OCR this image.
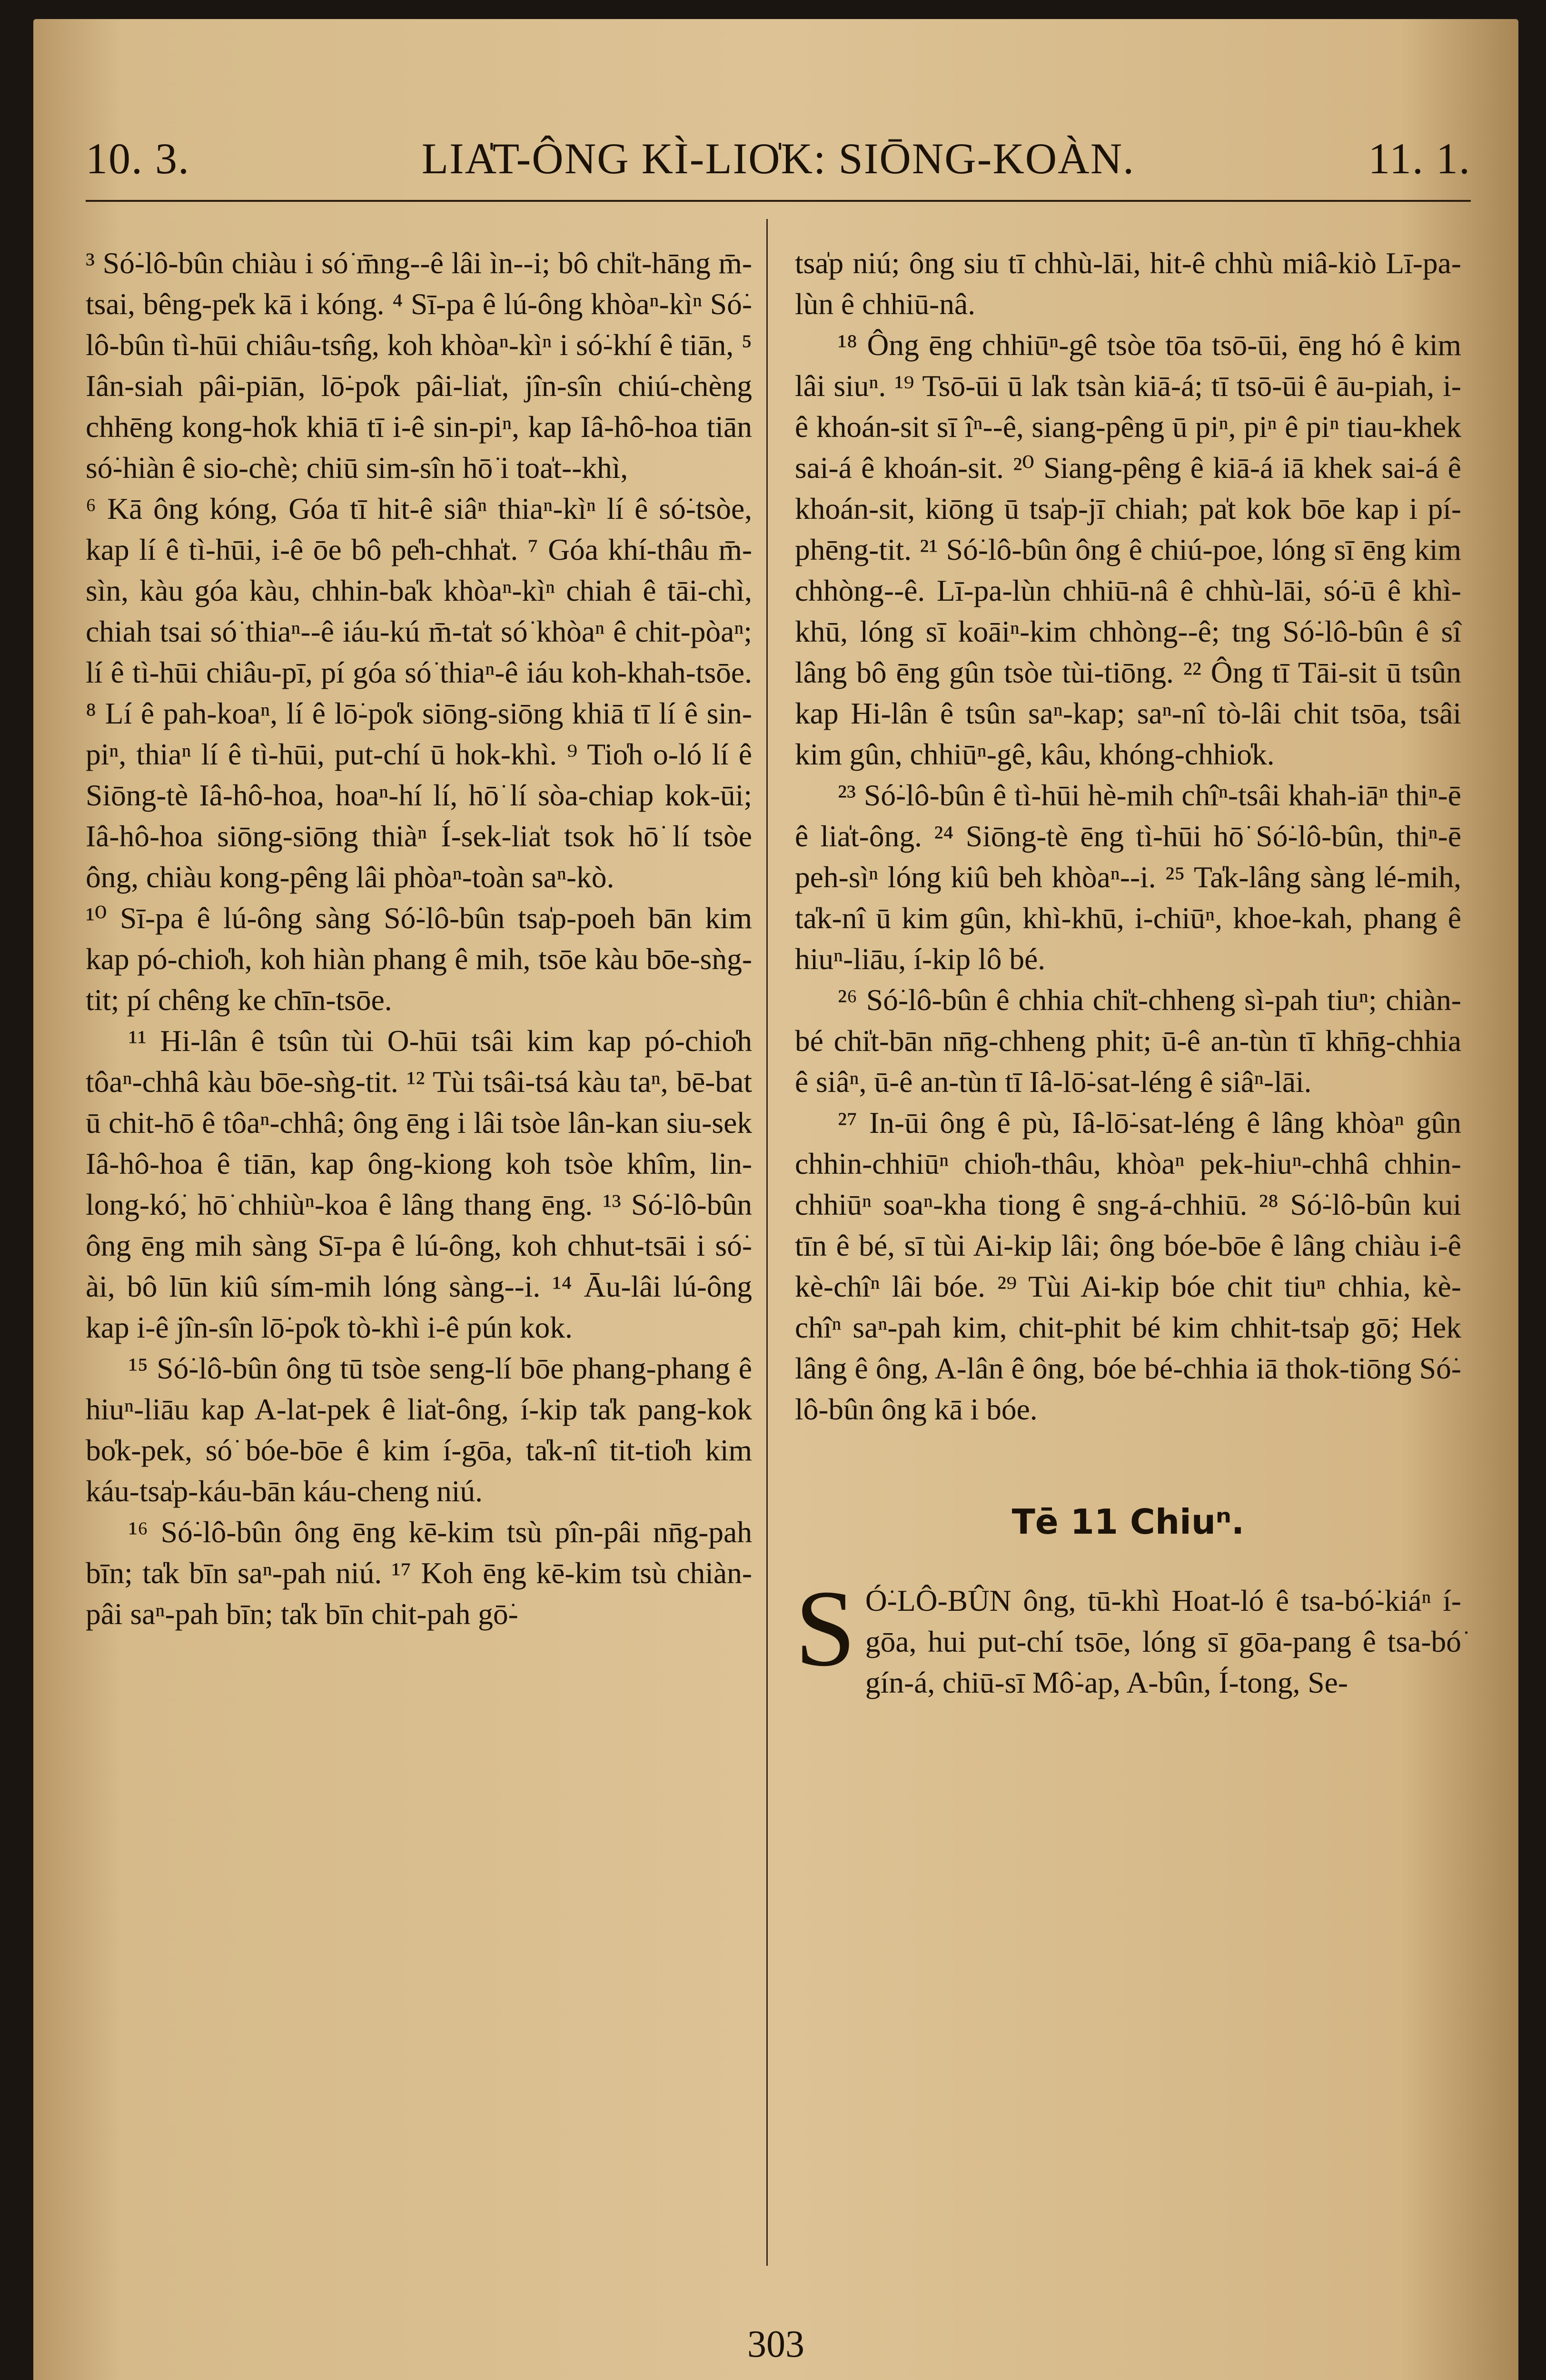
10. 3.	LIA̍T-ÔNG KÌ-LIO̍K: SIŌNG-KOÀN.	11. 1.

³ Só͘-lô-bûn chiàu i só͘ m̄ng--ê lâi ìn--i; bô chi̍t-hāng m̄-tsai, bêng-pe̍k kā i kóng. ⁴ Sī-pa ê lú-ông khòaⁿ-kìⁿ Só͘-lô-bûn tì-hūi chiâu-tsn̂g, koh khòaⁿ-kìⁿ i só͘-khí ê tiān, ⁵ Iân-siah pâi-piān, lō͘-po̍k pâi-lia̍t, jîn-sîn chiú-chèng chhēng kong-ho̍k khiā tī i-ê sin-piⁿ, kap Iâ-hô-hoa tiān só͘-hiàn ê sio-chè; chiū sim-sîn hō͘ i toa̍t--khì,

⁶ Kā ông kóng, Góa tī hit-ê siâⁿ thiaⁿ-kìⁿ lí ê só͘-tsòe, kap lí ê tì-hūi, i-ê ōe bô pe̍h-chha̍t. ⁷ Góa khí-thâu m̄-sìn, kàu góa kàu, chhin-ba̍k khòaⁿ-kìⁿ chiah ê tāi-chì, chiah tsai só͘ thiaⁿ--ê iáu-kú m̄-ta̍t só͘ khòaⁿ ê chit-pòaⁿ; lí ê tì-hūi chiâu-pī, pí góa só͘ thiaⁿ-ê iáu koh-khah-tsōe. ⁸ Lí ê pah-koaⁿ, lí ê lō͘-po̍k siōng-siōng khiā tī lí ê sin-piⁿ, thiaⁿ lí ê tì-hūi, put-chí ū hok-khì. ⁹ Tio̍h o-ló lí ê Siōng-tè Iâ-hô-hoa, hoaⁿ-hí lí, hō͘ lí sòa-chiap kok-ūi; Iâ-hô-hoa siōng-siōng thiàⁿ Í-sek-lia̍t tsok hō͘ lí tsòe ông, chiàu kong-pêng lâi phòaⁿ-toàn saⁿ-kò.

¹⁰ Sī-pa ê lú-ông sàng Só͘-lô-bûn tsa̍p-poeh bān kim kap pó-chio̍h, koh hiàn phang ê mih, tsōe kàu bōe-sǹg-tit; pí chêng ke chīn-tsōe.

¹¹ Hi-lân ê tsûn tùi O-hūi tsâi kim kap pó-chio̍h tôaⁿ-chhâ kàu bōe-sǹg-tit. ¹² Tùi tsâi-tsá kàu taⁿ, bē-bat ū chit-hō ê tôaⁿ-chhâ; ông ēng i lâi tsòe lân-kan siu-sek Iâ-hô-hoa ê tiān, kap ông-kiong koh tsòe khîm, lin-long-kó͘, hō͘ chhiùⁿ-koa ê lâng thang ēng. ¹³ Só͘-lô-bûn ông ēng mih sàng Sī-pa ê lú-ông, koh chhut-tsāi i só͘-ài, bô lūn kiû sím-mih lóng sàng--i. ¹⁴ Āu-lâi lú-ông kap i-ê jîn-sîn lō͘-po̍k tò-khì i-ê pún kok.

¹⁵ Só͘-lô-bûn ông tū tsòe seng-lí bōe phang-phang ê hiuⁿ-liāu kap A-lat-pek ê lia̍t-ông, í-kip ta̍k pang-kok bo̍k-pek, só͘ bóe-bōe ê kim í-gōa, ta̍k-nî tit-tio̍h kim káu-tsa̍p-káu-bān káu-cheng niú.

¹⁶ Só͘-lô-bûn ông ēng kē-kim tsù pîn-pâi nn̄g-pah bīn; ta̍k bīn saⁿ-pah niú. ¹⁷ Koh ēng kē-kim tsù chiàn-pâi saⁿ-pah bīn; ta̍k bīn chit-pah gō͘-

tsa̍p niú; ông siu tī chhù-lāi, hit-ê chhù miâ-kiò Lī-pa-lùn ê chhiū-nâ.

¹⁸ Ông ēng chhiūⁿ-gê tsòe tōa tsō-ūi, ēng hó ê kim lâi siuⁿ. ¹⁹ Tsō-ūi ū la̍k tsàn kiā-á; tī tsō-ūi ê āu-piah, i-ê khoán-sit sī îⁿ--ê, siang-pêng ū piⁿ, piⁿ ê piⁿ tiau-khek sai-á ê khoán-sit. ²⁰ Siang-pêng ê kiā-á iā khek sai-á ê khoán-sit, kiōng ū tsa̍p-jī chiah; pa̍t kok bōe kap i pí-phēng-tit. ²¹ Só͘-lô-bûn ông ê chiú-poe, lóng sī ēng kim chhòng--ê. Lī-pa-lùn chhiū-nâ ê chhù-lāi, só͘-ū ê khì-khū, lóng sī koāiⁿ-kim chhòng--ê; tng Só͘-lô-bûn ê sî lâng bô ēng gûn tsòe tùi-tiōng. ²² Ông tī Tāi-sit ū tsûn kap Hi-lân ê tsûn saⁿ-kap; saⁿ-nî tò-lâi chit tsōa, tsâi kim gûn, chhiūⁿ-gê, kâu, khóng-chhio̍k.

²³ Só͘-lô-bûn ê tì-hūi hè-mih chîⁿ-tsâi khah-iāⁿ thiⁿ-ē ê lia̍t-ông. ²⁴ Siōng-tè ēng tì-hūi hō͘ Só͘-lô-bûn, thiⁿ-ē peh-sìⁿ lóng kiû beh khòaⁿ--i. ²⁵ Ta̍k-lâng sàng lé-mih, ta̍k-nî ū kim gûn, khì-khū, i-chiūⁿ, khoe-kah, phang ê hiuⁿ-liāu, í-kip lô bé.

²⁶ Só͘-lô-bûn ê chhia chi̍t-chheng sì-pah tiuⁿ; chiàn-bé chi̍t-bān nn̄g-chheng phit; ū-ê an-tùn tī khn̄g-chhia ê siâⁿ, ū-ê an-tùn tī Iâ-lō͘-sat-léng ê siâⁿ-lāi.

²⁷ In-ūi ông ê pù, Iâ-lō͘-sat-léng ê lâng khòaⁿ gûn chhin-chhiūⁿ chio̍h-thâu, khòaⁿ pek-hiuⁿ-chhâ chhin-chhiūⁿ soaⁿ-kha tiong ê sng-á-chhiū. ²⁸ Só͘-lô-bûn kui tīn ê bé, sī tùi Ai-kip lâi; ông bóe-bōe ê lâng chiàu i-ê kè-chîⁿ lâi bóe. ²⁹ Tùi Ai-kip bóe chit tiuⁿ chhia, kè-chîⁿ saⁿ-pah kim, chit-phit bé kim chhit-tsa̍p gō͘; Hek lâng ê ông, A-lân ê ông, bóe bé-chhia iā thok-tiōng Só͘-lô-bûn ông kā i bóe.

Tē 11 Chiuⁿ.
S Ó͘-LÔ-BÛN ông, tū-khì Hoat-ló ê tsa-bó͘-kiáⁿ í-gōa, hui put-chí tsōe, lóng sī gōa-pang ê tsa-bó͘ gín-á, chiū-sī Mô͘-ap, A-bûn, Í-tong, Se-

303
